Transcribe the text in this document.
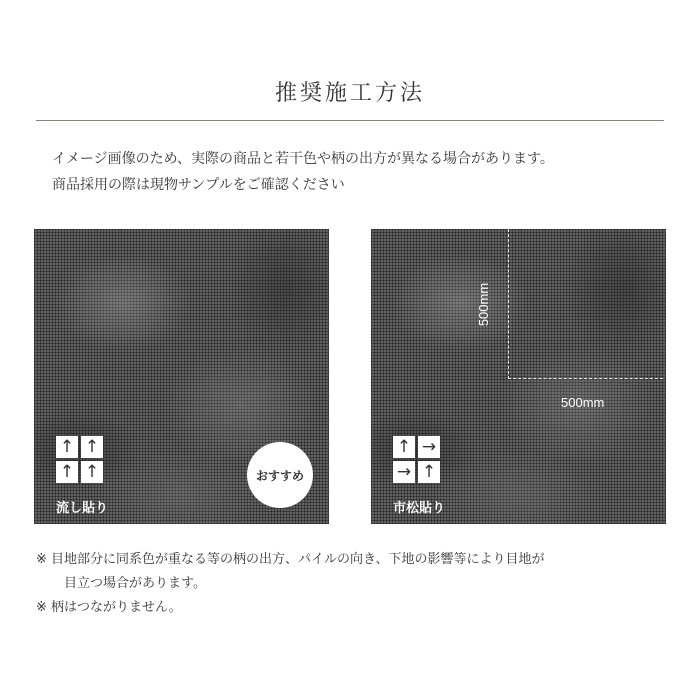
推奨施工方法

イメージ画像のため、実際の商品と若干色や柄の出方が異なる場合があります。

商品採用の際は現物サンプルをご確認ください

↑ ↑
↑ ↑
流し貼り
おすすめ
500mm
500mm
↑ →
→ ↑
市松貼り
※ 目地部分に同系色が重なる等の柄の出方、パイルの向き、下地の影響等により目地が
目立つ場合があります。
※ 柄はつながりません。
